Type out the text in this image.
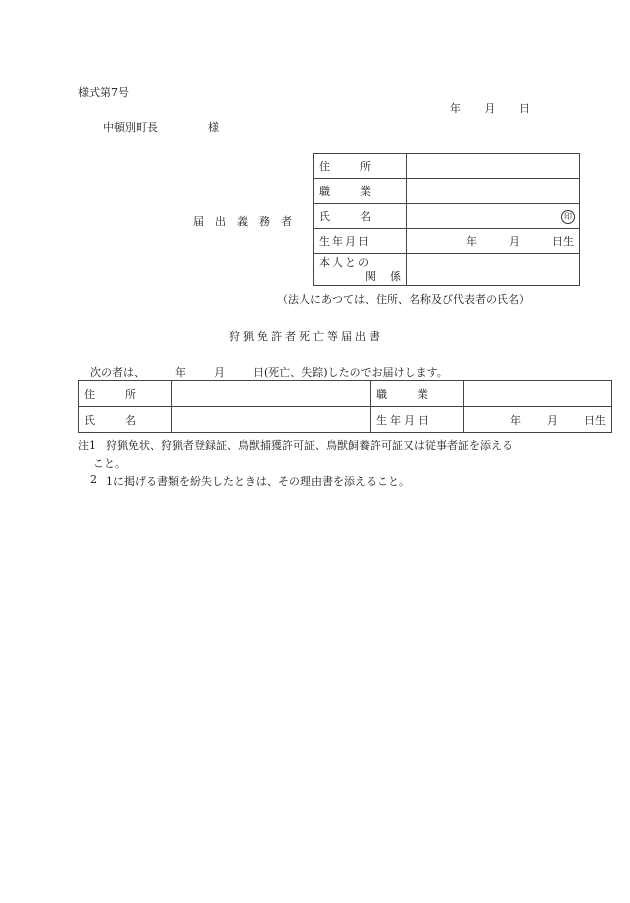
様式第7号
年 月 日
中頓別町長	様
届出義務者
住所	

職業	
氏名	印

生年月日	年 月 日生

本人との
関係	

（法人にあつては、住所、名称及び代表者の氏名）
狩猟免許者死亡等届出書
次の者は、	年	月	日(死亡、失踪)したのでお届けします。
住所		職業	
氏名		生年月日	年 月 日生
注1 狩猟免状、狩猟者登録証、鳥獣捕獲許可証、鳥獣飼養許可証又は従事者証を添える
こと。
2 1に掲げる書類を紛失したときは、その理由書を添えること。
